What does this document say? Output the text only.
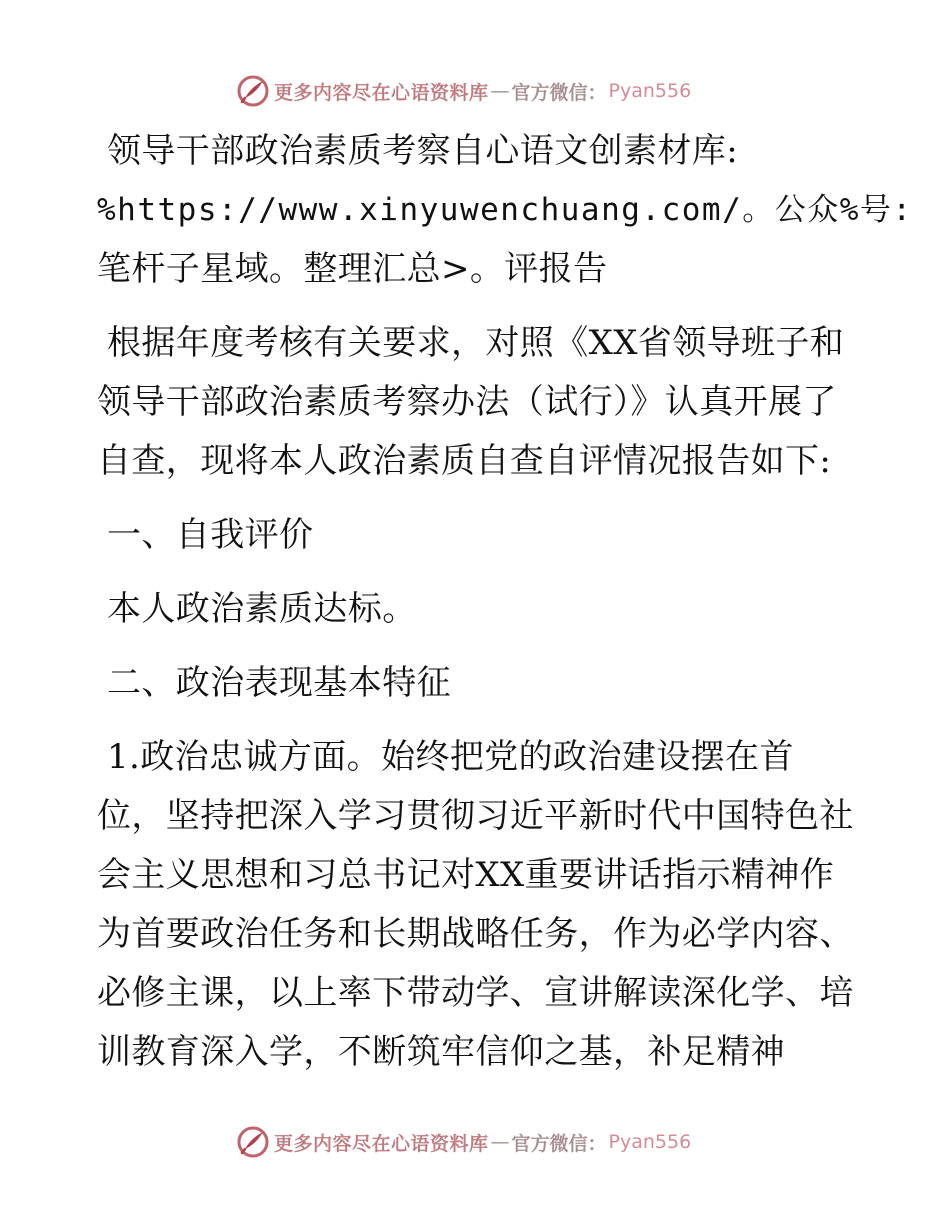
更多内容尽在心语资料库 — 官方微信： Pyan556
领导干部政治素质考察自心语文创素材库:
%https://www.xinyuwenchuang.com/。公众%号:
笔杆子星域。整理汇总>。评报告
根据年度考核有关要求，对照《XX省领导班子和
领导干部政治素质考察办法（试行）》认真开展了
自查，现将本人政治素质自查自评情况报告如下:
一、自我评价
本人政治素质达标。
二、政治表现基本特征
1.政治忠诚方面。始终把党的政治建设摆在首
位，坚持把深入学习贯彻习近平新时代中国特色社
会主义思想和习总书记对XX重要讲话指示精神作
为首要政治任务和长期战略任务，作为必学内容、
必修主课，以上率下带动学、宣讲解读深化学、培
训教育深入学，不断筑牢信仰之基，补足精神
更多内容尽在心语资料库 — 官方微信： Pyan556
